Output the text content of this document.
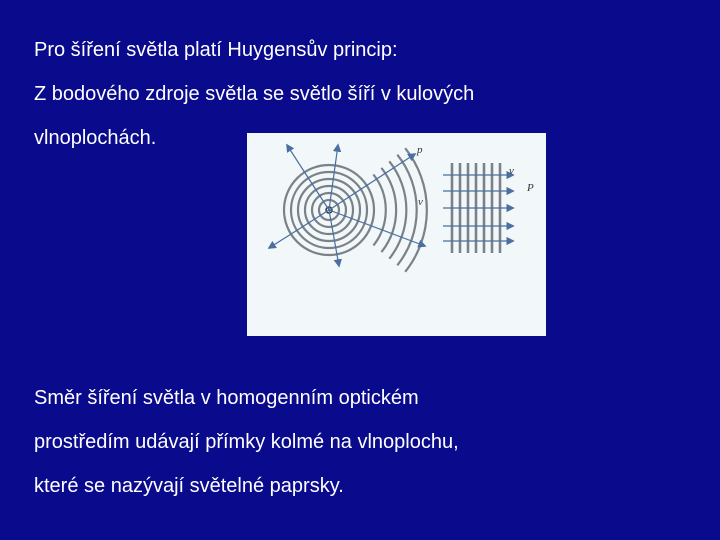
Pro šíření světla platí Huygensův princip:
Z bodového zdroje světla se světlo šíří v kulových
vlnoplochách.
p
v
v
P
Směr šíření světla v homogenním optickém
prostředím udávají přímky kolmé na vlnoplochu,
které se nazývají světelné paprsky.
